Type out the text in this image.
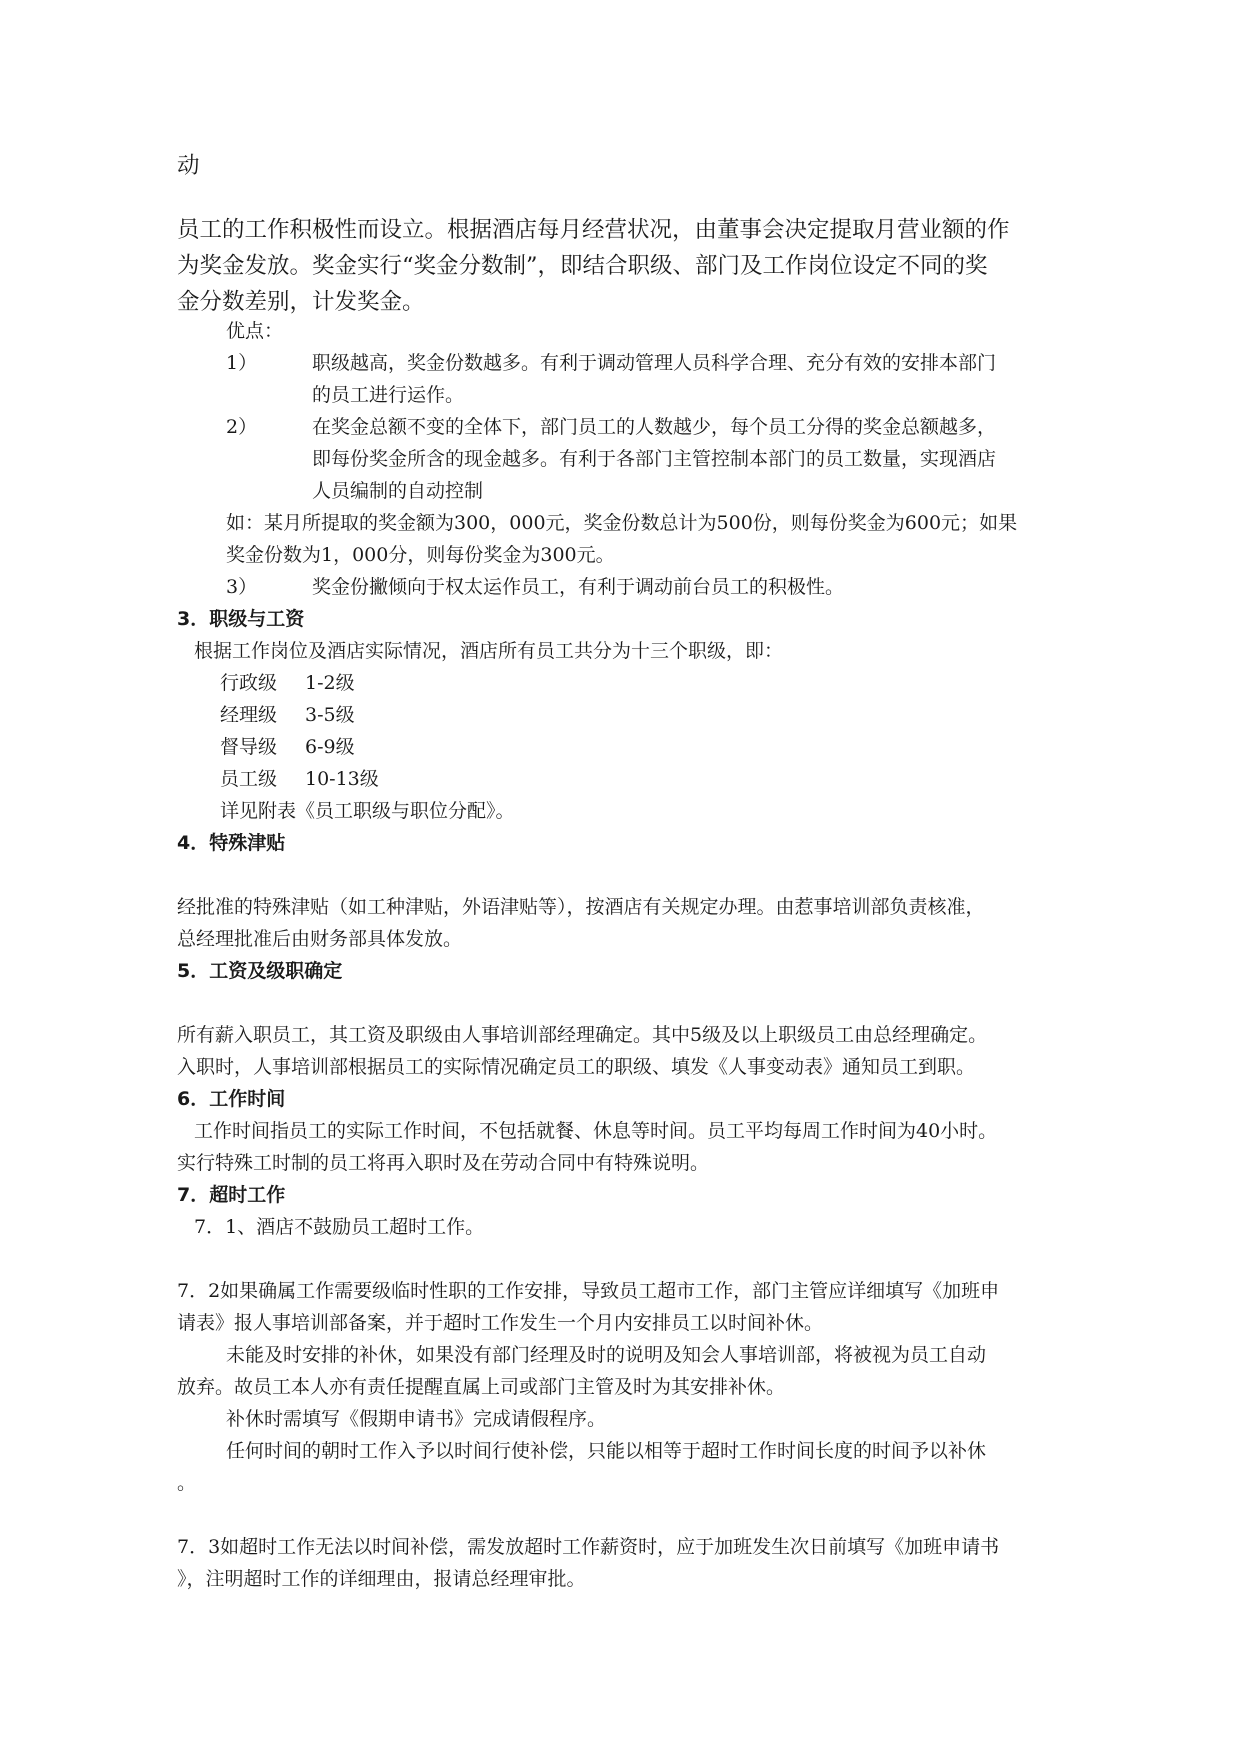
动
员工的工作积极性而设立。根据酒店每月经营状况，由董事会决定提取月营业额的作
为奖金发放。奖金实行“奖金分数制”，即结合职级、部门及工作岗位设定不同的奖
金分数差别，计发奖金。
优点：
1）	职级越高，奖金份数越多。有利于调动管理人员科学合理、充分有效的安排本部门
的员工进行运作。
2）	在奖金总额不变的全体下，部门员工的人数越少，每个员工分得的奖金总额越多，
即每份奖金所含的现金越多。有利于各部门主管控制本部门的员工数量，实现酒店
人员编制的自动控制
如：某月所提取的奖金额为300，000元，奖金份数总计为500份，则每份奖金为600元；如果
奖金份数为1，000分，则每份奖金为300元。
3）	奖金份撇倾向于权太运作员工，有利于调动前台员工的积极性。
3．职级与工资
根据工作岗位及酒店实际情况，酒店所有员工共分为十三个职级，即：
行政级 1-2级
经理级 3-5级
督导级 6-9级
员工级 10-13级
详见附表《员工职级与职位分配》。
4．特殊津贴
经批准的特殊津贴（如工种津贴，外语津贴等），按酒店有关规定办理。由惹事培训部负责核准，
总经理批准后由财务部具体发放。
5．工资及级职确定
所有薪入职员工，其工资及职级由人事培训部经理确定。其中5级及以上职级员工由总经理确定。
入职时，人事培训部根据员工的实际情况确定员工的职级、填发《人事变动表》通知员工到职。
6．工作时间
工作时间指员工的实际工作时间，不包括就餐、休息等时间。员工平均每周工作时间为40小时。
实行特殊工时制的员工将再入职时及在劳动合同中有特殊说明。
7．超时工作
7．1、酒店不鼓励员工超时工作。
7．2如果确属工作需要级临时性职的工作安排，导致员工超市工作，部门主管应详细填写《加班申
请表》报人事培训部备案，并于超时工作发生一个月内安排员工以时间补休。
未能及时安排的补休，如果没有部门经理及时的说明及知会人事培训部，将被视为员工自动
放弃。故员工本人亦有责任提醒直属上司或部门主管及时为其安排补休。
补休时需填写《假期申请书》完成请假程序。
任何时间的朝时工作入予以时间行使补偿，只能以相等于超时工作时间长度的时间予以补休
。
7．3如超时工作无法以时间补偿，需发放超时工作薪资时，应于加班发生次日前填写《加班申请书
》，注明超时工作的详细理由，报请总经理审批。
